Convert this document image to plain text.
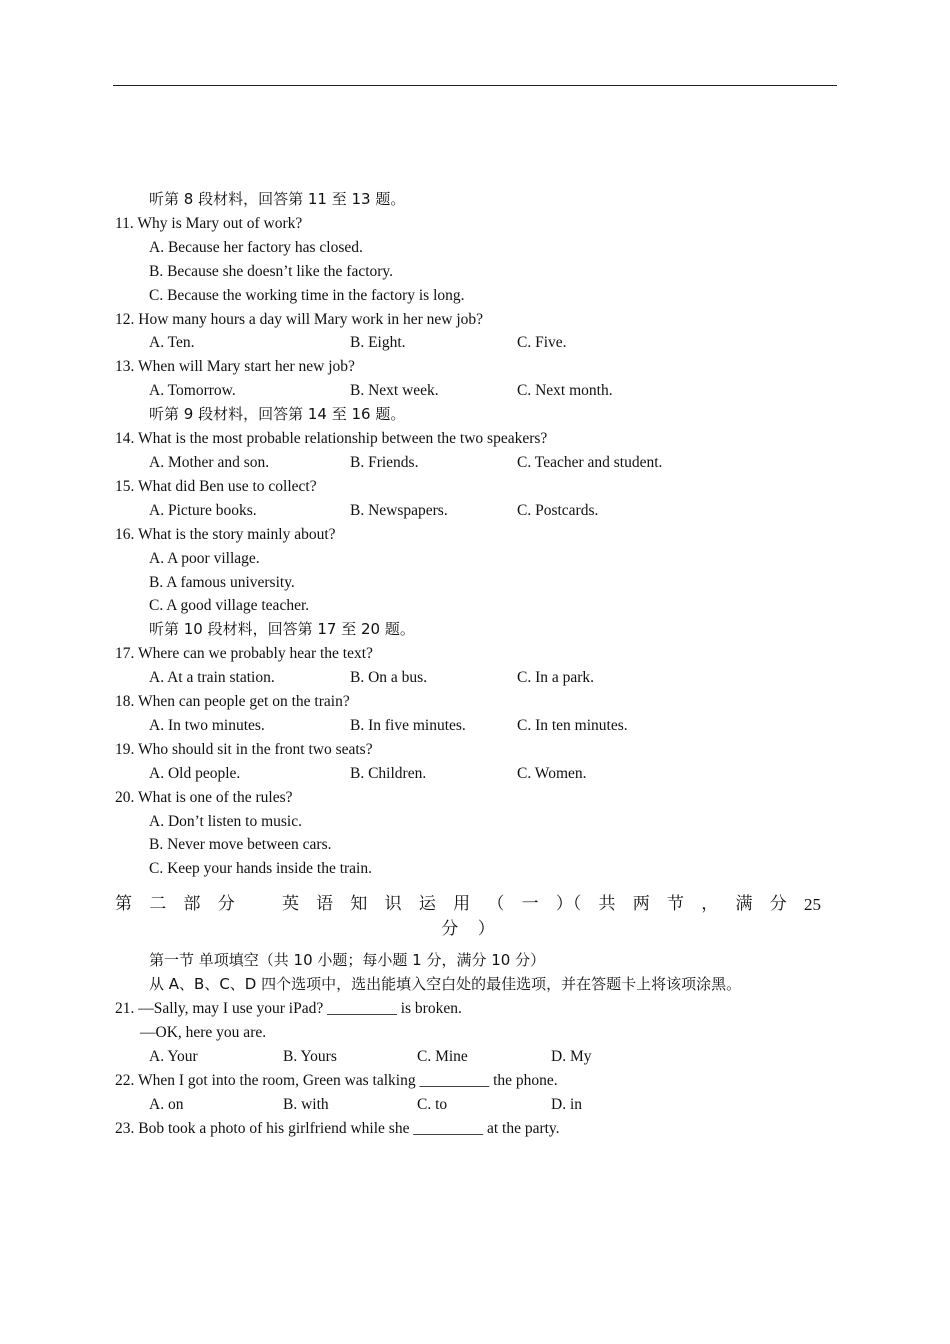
听第 8 段材料，回答第 11 至 13 题。
11. Why is Mary out of work?
A. Because her factory has closed.
B. Because she doesn’t like the factory.
C. Because the working time in the factory is long.
12. How many hours a day will Mary work in her new job?
A. Ten.	B. Eight.	C. Five.
13. When will Mary start her new job?
A. Tomorrow.	B. Next week.	C. Next month.
听第 9 段材料，回答第 14 至 16 题。
14. What is the most probable relationship between the two speakers?
A. Mother and son.	B. Friends.	C. Teacher and student.
15. What did Ben use to collect?
A. Picture books.	B. Newspapers.	C. Postcards.
16. What is the story mainly about?
A. A poor village.
B. A famous university.
C. A good village teacher.
听第 10 段材料，回答第 17 至 20 题。
17. Where can we probably hear the text?
A. At a train station.	B. On a bus.	C. In a park.
18. When can people get on the train?
A. In two minutes.	B. In five minutes.	C. In ten minutes.
19. Who should sit in the front two seats?
A. Old people.	B. Children.	C. Women.
20. What is one of the rules?
A. Don’t listen to music.
B. Never move between cars.
C. Keep your hands inside the train.
第 二 部 分	英 语 知 识 运 用 （ 一 ）（ 共 两 节 ， 满 分 25
分 ）
第一节 单项填空（共 10 小题；每小题 1 分，满分 10 分）
从 A、B、C、D 四个选项中，选出能填入空白处的最佳选项，并在答题卡上将该项涂黑。
21. —Sally, may I use your iPad? _________ is broken.
—OK, here you are.
A. Your	B. Yours	C. Mine	D. My
22. When I got into the room, Green was talking _________ the phone.
A. on	B. with	C. to	D. in
23. Bob took a photo of his girlfriend while she _________ at the party.
